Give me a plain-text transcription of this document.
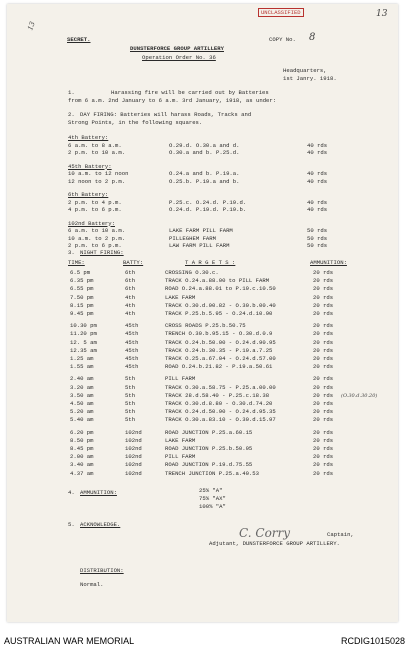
13
13
UNCLASSIFIED
SECRET.	COPY No. 8
DUNSTERFORCE GROUP ARTILLERY
Operation Order No. 36
Headquarters,
1st Janry. 1918.
1.	Harassing fire will be carried out by Batteries
from 6 a.m. 2nd January to 6 a.m. 3rd January, 1918, as under:
2. DAY FIRING: Batteries will harass Roads, Tracks and
Strong Points, in the following squares.
4th Battery:
6 a.m. to 8 a.m.	O.29.d. O.30.a and d.	40 rds
2 p.m. to 10 a.m.	O.30.a and b. P.25.d.	40 rds
45th Battery:
10 a.m. to 12 noon	O.24.a and b. P.19.a.	40 rds
12 noon to 2 p.m.	O.25.b. P.19.a and b.	40 rds
6th Battery:
2 p.m. to 4 p.m.	P.25.c. O.24.d. P.19.d.	40 rds
4 p.m. to 6 p.m.	O.24.d. P.19.d. P.19.b.	40 rds
102nd Battery:
6 a.m. to 10 a.m.	LAKE FARM PILL FARM	50 rds
10 a.m. to 2 p.m.	PILLEGHEM FARM	50 rds
2 p.m. to 6 p.m.	LAW FARM PILL FARM	50 rds
3. NIGHT FIRING:
TIME:	BATTY:	T A R G E T S :	AMMUNITION:
6.5 pm	6th	CROSSING O.30.c.	20 rds
6.35 pm	6th	TRACK O.24.a.88.00 to PILL FARM	20 rds
6.55 pm	6th	ROAD O.24.a.88.01 to P.19.c.10.50	20 rds
7.50 pm	4th	LAKE FARM	20 rds
8.15 pm	4th	TRACK O.30.d.00.82 - O.30.b.00.40	20 rds
9.45 pm	4th	TRACK P.25.b.5.95 - O.24.d.10.90	20 rds
10.30 pm	45th	CROSS ROADS P.25.b.50.75	20 rds
11.20 pm	45th	TRENCH O.30.b.95.15 - O.30.d.0.9	20 rds
12. 5 am	45th	TRACK O.24.b.50.00 - O.24.d.90.95	20 rds
12.35 am	45th	TRACK O.24.b.30.35 - P.19.a.7.25	20 rds
1.25 am	45th	TRACK O.25.a.67.04 - O.24.d.57.00	20 rds
1.55 am	45th	ROAD O.24.b.21.82 - P.19.a.50.61	20 rds
2.40 am	5th	PILL FARM	20 rds
3.20 am	5th	TRACK O.30.a.58.75 - P.25.a.00.00	20 rds
3.50 am	5th	TRACK 28.d.58.40 - P.25.c.18.38	20 rds (O.30.d.30.20)
4.50 am	5th	TRACK O.30.d.8.80 - O.30.d.74.20	20 rds
5.20 am	5th	TRACK O.24.d.50.90 - O.24.d.95.35	20 rds
5.40 am	5th	TRACK O.30.a.83.10 - O.30.d.15.97	20 rds
6.20 pm	102nd	ROAD JUNCTION P.25.a.60.15	20 rds
8.50 pm	102nd	LAKE FARM	20 rds
8.45 pm	102nd	ROAD JUNCTION P.25.b.50.95	20 rds
2.00 am	102nd	PILL FARM	20 rds
3.40 am	102nd	ROAD JUNCTION P.19.d.75.55	20 rds
4.37 am	102nd	TRENCH JUNCTION P.25.a.40.53	20 rds
4. AMMUNITION:	25% "A"
75% "AX"
100% "A"
5. ACKNOWLEDGE.
C. Corry	Captain,
Adjutant, DUNSTERFORCE GROUP ARTILLERY.
DISTRIBUTION:
Normal.
AUSTRALIAN WAR MEMORIAL	RCDIG1015028
